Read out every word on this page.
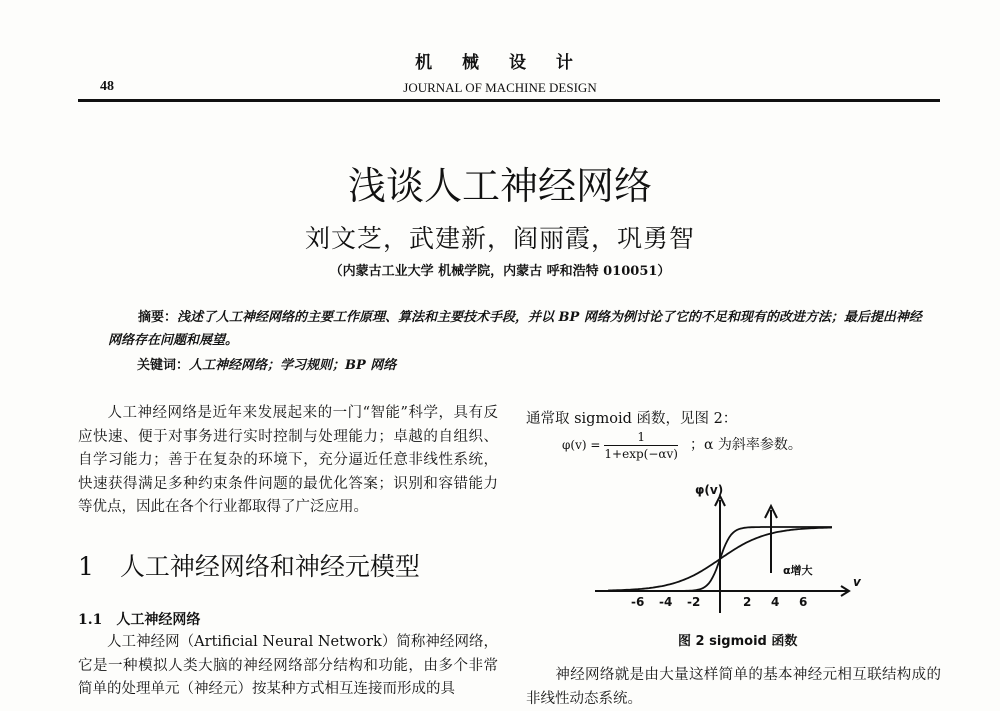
机 械 设 计
JOURNAL OF MACHINE DESIGN
48
浅谈人工神经网络
刘文芝，武建新，阎丽霞，巩勇智
（内蒙古工业大学 机械学院，内蒙古 呼和浩特 010051）
摘要：浅述了人工神经网络的主要工作原理、算法和主要技术手段，并以 BP 网络为例讨论了它的不足和现有的改进方法；最后提出神经网络存在问题和展望。
关键词：人工神经网络；学习规则；BP 网络
人工神经网络是近年来发展起来的一门“智能”科学，具有反应快速、便于对事务进行实时控制与处理能力；卓越的自组织、自学习能力；善于在复杂的环境下，充分逼近任意非线性系统，快速获得满足多种约束条件问题的最优化答案；识别和容错能力等优点，因此在各个行业都取得了广泛应用。
1 人工神经网络和神经元模型
1.1 人工神经网络
人工神经网（Artificial Neural Network）简称神经网络，它是一种模拟人类大脑的神经网络部分结构和功能，由多个非常简单的处理单元（神经元）按某种方式相互连接而形成的具
通常取 sigmoid 函数，见图 2：
$\varphi(v) = \frac{1}{1+\exp(-\alpha v)}$ ；α 为斜率参数。
φ(v)
v
α增大
-6 -4 -2	2 4 6
图 2 sigmoid 函数
神经网络就是由大量这样简单的基本神经元相互联结构成的非线性动态系统。
